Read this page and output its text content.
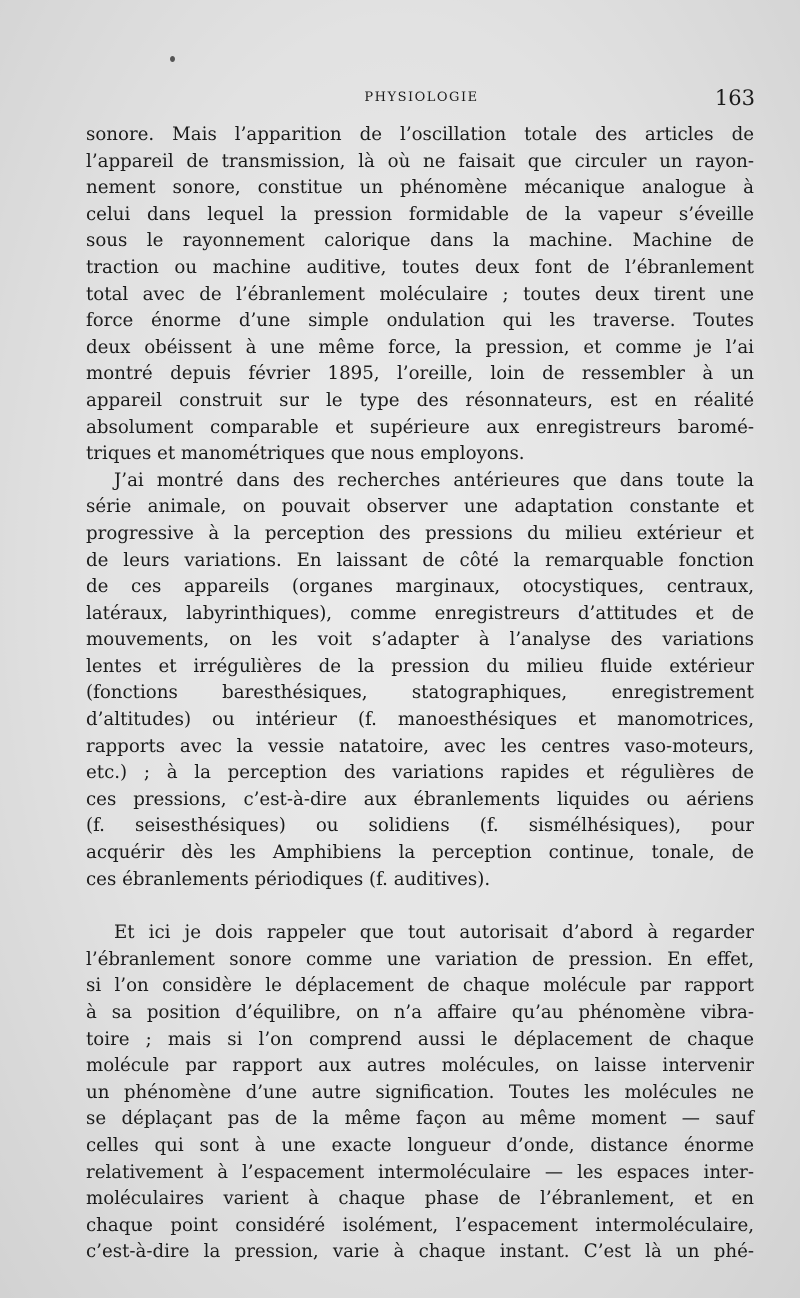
PHYSIOLOGIE	163
sonore. Mais l’apparition de l’oscillation totale des articles de
l’appareil de transmission, là où ne faisait que circuler un rayon-
nement sonore, constitue un phénomène mécanique analogue à
celui dans lequel la pression formidable de la vapeur s’éveille
sous le rayonnement calorique dans la machine. Machine de
traction ou machine auditive, toutes deux font de l’ébranlement
total avec de l’ébranlement moléculaire ; toutes deux tirent une
force énorme d’une simple ondulation qui les traverse. Toutes
deux obéissent à une même force, la pression, et comme je l’ai
montré depuis février 1895, l’oreille, loin de ressembler à un
appareil construit sur le type des résonnateurs, est en réalité
absolument comparable et supérieure aux enregistreurs baromé-
triques et manométriques que nous employons.
J’ai montré dans des recherches antérieures que dans toute la
série animale, on pouvait observer une adaptation constante et
progressive à la perception des pressions du milieu extérieur et
de leurs variations. En laissant de côté la remarquable fonction
de ces appareils (organes marginaux, otocystiques, centraux,
latéraux, labyrinthiques), comme enregistreurs d’attitudes et de
mouvements, on les voit s’adapter à l’analyse des variations
lentes et irrégulières de la pression du milieu fluide extérieur
(fonctions baresthésiques, statographiques, enregistrement
d’altitudes) ou intérieur (f. manoesthésiques et manomotrices,
rapports avec la vessie natatoire, avec les centres vaso-moteurs,
etc.) ; à la perception des variations rapides et régulières de
ces pressions, c’est-à-dire aux ébranlements liquides ou aériens
(f. seisesthésiques) ou solidiens (f. sismélhésiques), pour
acquérir dès les Amphibiens la perception continue, tonale, de
ces ébranlements périodiques (f. auditives).
Et ici je dois rappeler que tout autorisait d’abord à regarder
l’ébranlement sonore comme une variation de pression. En effet,
si l’on considère le déplacement de chaque molécule par rapport
à sa position d’équilibre, on n’a affaire qu’au phénomène vibra-
toire ; mais si l’on comprend aussi le déplacement de chaque
molécule par rapport aux autres molécules, on laisse intervenir
un phénomène d’une autre signification. Toutes les molécules ne
se déplaçant pas de la même façon au même moment — sauf
celles qui sont à une exacte longueur d’onde, distance énorme
relativement à l’espacement intermoléculaire — les espaces inter-
moléculaires varient à chaque phase de l’ébranlement, et en
chaque point considéré isolément, l’espacement intermoléculaire,
c’est-à-dire la pression, varie à chaque instant. C’est là un phé-
